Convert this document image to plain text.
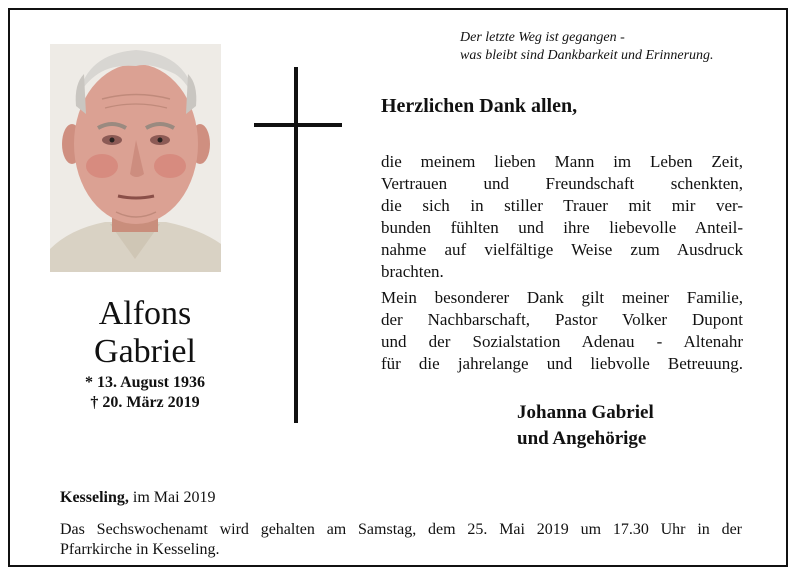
Der letzte Weg ist gegangen -
was bleibt sind Dankbarkeit und Erinnerung.
Alfons
Gabriel
* 13. August 1936
† 20. März 2019
Herzlichen Dank allen,
die meinem lieben Mann im Leben Zeit,
Vertrauen und Freundschaft schenkten,
die sich in stiller Trauer mit mir ver-
bunden fühlten und ihre liebevolle Anteil-
nahme auf vielfältige Weise zum Ausdruck
brachten.
Mein besonderer Dank gilt meiner Familie,
der Nachbarschaft, Pastor Volker Dupont
und der Sozialstation Adenau - Altenahr
für die jahrelange und liebvolle Betreuung.
Johanna Gabriel
und Angehörige
Kesseling, im Mai 2019
Das Sechswochenamt wird gehalten am Samstag, dem 25. Mai 2019 um 17.30 Uhr in der
Pfarrkirche in Kesseling.
